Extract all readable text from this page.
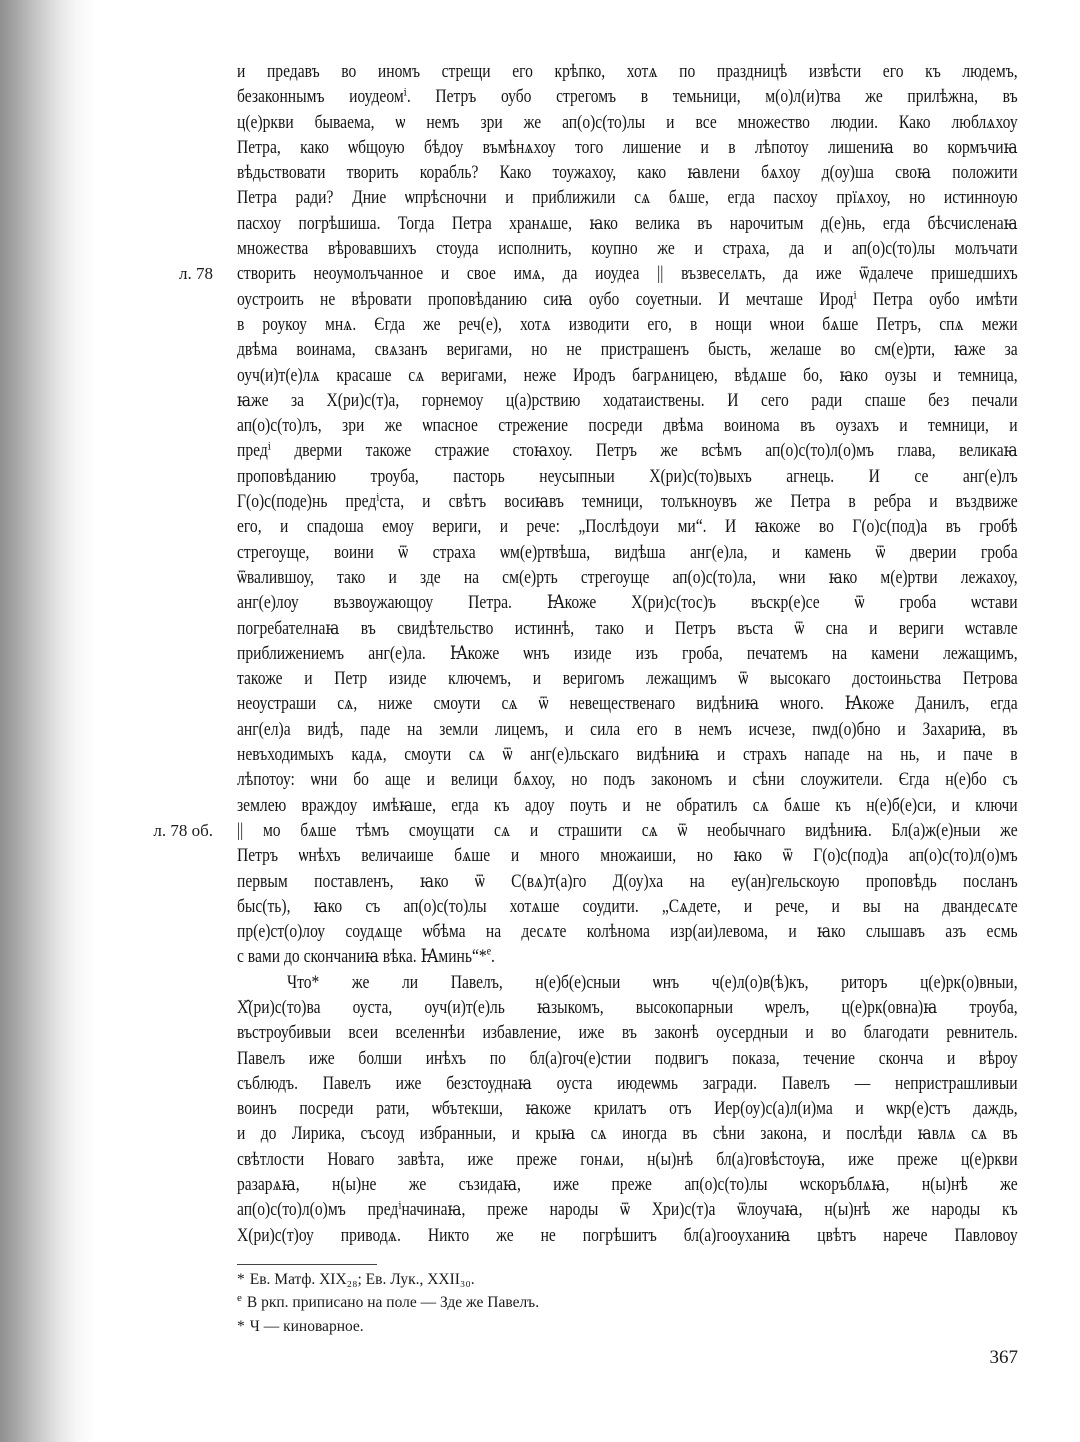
л. 78
л. 78 об.
и предавъ во иномъ стрещи его крѣпко, хотѧ по праздницѣ извѣсти его къ людемъ,
безаконнымъ иоудеомⁱ. Петръ оубо стрегомъ в темьници, м(о)л(и)тва же прилѣжна, въ
ц(е)ркви бываема, ѡ немъ зри же ап(о)с(то)лы и все множество людии. Како люблѧхоу
Петра, како ѡбщоую бѣдоу въмѣнѧхоу того лишение и в лѣпотоу лишениꙗ во кормъчиꙗ
вѣдьствовати творить корабль? Како тоужахоу, како ꙗвлени бѧхоу д(оу)ша своꙗ положити
Петра ради? Дние ѡпрѣсночни и приближили сѧ бѧше, егда пасхоу прїѧхоу, но истинноую
пасхоу погрѣшиша. Тогда Петра хранѧше, ꙗко велика въ нарочитым д(е)нь, егда бѣсчисленаꙗ
множества вѣровавшихъ стоуда исполнить, коупно же и страха, да и ап(о)с(то)лы молъчати
створить неоумолъчанное и свое имѧ, да иоудеа || възвеселѧть, да иже ѿдалече пришедшихъ
оустроить не вѣровати проповѣданию сиꙗ оубо соуетныи. И мечташе Иродⁱ Петра оубо имѣти
в роукоу мнѧ. Єгда же реч(е), хотѧ изводити его, в нощи ѡнои бѧше Петръ, спѧ межи
двѣма воинама, свѧзанъ веригами, но не пристрашенъ бысть, желаше во см(е)рти, ꙗже за
оуч(и)т(е)лѧ красаше сѧ веригами, неже Иродъ багрѧницею, вѣдѧше бо, ꙗко оузы и темница,
ꙗже за Х(ри)с(т)а, горнемоу ц(а)рствию ходатаиствены. И сего ради спаше без печали
ап(о)с(то)лъ, зри же ѡпасное стрежение посреди двѣма воинома въ оузахъ и темници, и
предⁱ дверми такоже стражие стоꙗхоу. Петръ же всѣмъ ап(о)с(то)л(о)мъ глава, великаꙗ
проповѣданию троуба, пасторь неусыпныи Х(ри)с(то)выхъ агнець. И се анг(е)лъ
Г(о)с(поде)нь предⁱста, и свѣтъ восиꙗвъ темници, толъкноувъ же Петра в ребра и въздвиже
его, и спадоша емоу вериги, и рече: „Послѣдоуи ми“. И ꙗкоже во Г(о)с(под)а въ гробѣ
стрегоуще, воини ѿ страха ѡм(е)ртвѣша, видѣша анг(е)ла, и камень ѿ дверии гроба
ѿвалившоу, тако и зде на см(е)рть стрегоуще ап(о)с(то)ла, ѡни ꙗко м(е)ртви лежахоу,
анг(е)лоу възвоужающоу Петра. Ꙗкоже Х(ри)с(тос)ъ въскр(е)се ѿ гроба ѡстави
погребателнаꙗ въ свидѣтельство истиннѣ, тако и Петръ въста ѿ сна и вериги ѡставле
приближениемъ анг(е)ла. Ꙗкоже ѡнъ изиде изъ гроба, печатемъ на камени лежащимъ,
такоже и Петр изиде ключемъ, и веригомъ лежащимъ ѿ высокаго достоиньства Петрова
неоустраши сѧ, ниже смоути сѧ ѿ невещественаго видѣниꙗ ѡного. Ꙗкоже Данилъ, егда
анг(ел)а видѣ, паде на земли лицемъ, и сила его в немъ исчезе, пѡд(о)бно и Захариꙗ, въ
невъходимыхъ кадѧ, смоути сѧ ѿ анг(е)льскаго видѣниꙗ и страхъ нападе на нь, и паче в
лѣпотоу: ѡни бо аще и велици бѧхоу, но подъ закономъ и сѣни слоужители. Єгда н(е)бо съ
землею враждоу имѣꙗше, егда къ адоу поуть и не обратилъ сѧ бѧше къ н(е)б(е)си, и ключи
|| мо бѧше тѣмъ смоущати сѧ и страшити сѧ ѿ необычнаго видѣниꙗ. Бл(а)ж(е)ныи же
Петръ ѡнѣхъ величаише бѧше и много множаиши, но ꙗко ѿ Г(о)с(под)а ап(о)с(то)л(о)мъ
первым поставленъ, ꙗко ѿ С(вѧ)т(а)го Д(оу)ха на еу(ан)гельскоую проповѣдь посланъ
быс(ть), ꙗко съ ап(о)с(то)лы хотѧше соудити. „Сѧдете, и рече, и вы на двандесѧте
пр(е)ст(о)лоу соудѧще ѡбѣма на десѧте колѣнома изр(аи)левома, и ꙗко слышавъ азъ есмь
с вами до скончаниꙗ вѣка. Ꙗминь“*$^е$.
Что* же ли Павелъ, н(е)б(е)сныи ѡнъ ч(е)л(о)в(ѣ)къ, риторъ ц(е)рк(о)вныи,
Х̂(ри)с(то)ва оуста, оуч(и)т(е)ль ꙗзыкомъ, высокопарныи ѡрелъ, ц(е)рк(овна)ꙗ троуба,
въстроубивыи всеи вселеннѣи избавление, иже въ законѣ оусердныи и во благодати ревнитель.
Павелъ иже болши инѣхъ по бл(а)гоч(е)стии подвигъ показа, течение сконча и вѣроу
съблюдъ. Павелъ иже безстоуднаꙗ оуста июдеѡмь загради. Павелъ — непристрашливыи
воинъ посреди рати, ѡбътекши, ꙗкоже крилатъ отъ Иер(оу)с(а)л(и)ма и ѡкр(е)стъ даждь,
и до Лирика, съсоуд избранныи, и крыꙗ сѧ иногда въ сѣни закона, и послѣди ꙗвлѧ сѧ въ
свѣтлости Новаго завѣта, иже преже гонѧи, н(ы)нѣ бл(а)говѣстоуꙗ, иже преже ц(е)ркви
разарѧꙗ, н(ы)не же съзидаꙗ, иже преже ап(о)с(то)лы ѡскоръблѧꙗ, н(ы)нѣ же
ап(о)с(то)л(о)мъ предⁱначинаꙗ, преже народы ѿ Хри)с(т)а ѿлоучаꙗ, н(ы)нѣ же народы къ
Х(ри)с(т)оу приводѧ. Никто же не погрѣшитъ бл(а)гооуханиꙗ цвѣтъ нарече Павловоу
* Ев. Матф. XIX₂₈; Ев. Лук., XXII₃₀.
$^е$ В ркп. приписано на поле — Зде же Павелъ.
* Ч — киноварное.
367
